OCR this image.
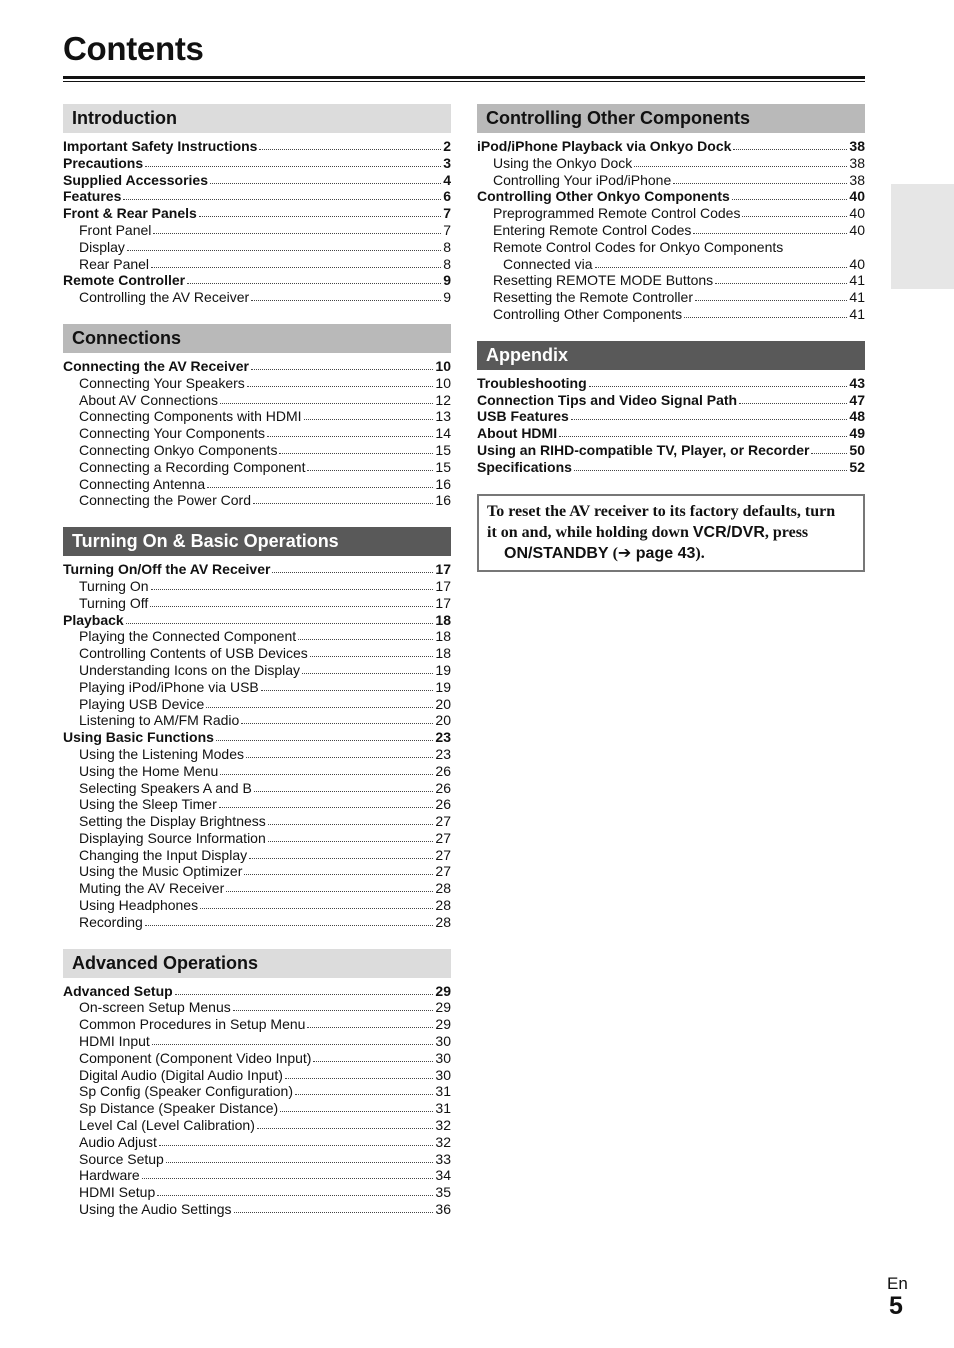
Contents
Introduction
Important Safety Instructions	2
Precautions	3
Supplied Accessories	4
Features	6
Front & Rear Panels	7
Front Panel	7
Display	8
Rear Panel	8
Remote Controller	9
Controlling the AV Receiver	9
Connections
Connecting the AV Receiver	10
Connecting Your Speakers	10
About AV Connections	12
Connecting Components with HDMI	13
Connecting Your Components	14
Connecting Onkyo Components	15
Connecting a Recording Component	15
Connecting Antenna	16
Connecting the Power Cord	16
Turning On & Basic Operations
Turning On/Off the AV Receiver	17
Turning On	17
Turning Off	17
Playback	18
Playing the Connected Component	18
Controlling Contents of USB Devices	18
Understanding Icons on the Display	19
Playing iPod/iPhone via USB	19
Playing USB Device	20
Listening to AM/FM Radio	20
Using Basic Functions	23
Using the Listening Modes	23
Using the Home Menu	26
Selecting Speakers A and B	26
Using the Sleep Timer	26
Setting the Display Brightness	27
Displaying Source Information	27
Changing the Input Display	27
Using the Music Optimizer	27
Muting the AV Receiver	28
Using Headphones	28
Recording	28
Advanced Operations
Advanced Setup	29
On-screen Setup Menus	29
Common Procedures in Setup Menu	29
HDMI Input	30
Component (Component Video Input)	30
Digital Audio (Digital Audio Input)	30
Sp Config (Speaker Configuration)	31
Sp Distance (Speaker Distance)	31
Level Cal (Level Calibration)	32
Audio Adjust	32
Source Setup	33
Hardware	34
HDMI Setup	35
Using the Audio Settings	36
Controlling Other Components
iPod/iPhone Playback via Onkyo Dock	38
Using the Onkyo Dock	38
Controlling Your iPod/iPhone	38
Controlling Other Onkyo Components	40
Preprogrammed Remote Control Codes	40
Entering Remote Control Codes	40
Remote Control Codes for Onkyo Components
Connected via	40
Resetting REMOTE MODE Buttons	41
Resetting the Remote Controller	41
Controlling Other Components	41
Appendix
Troubleshooting	43
Connection Tips and Video Signal Path	47
USB Features	48
About HDMI	49
Using an RIHD-compatible TV, Player, or Recorder	50
Specifications	52
To reset the AV receiver to its factory defaults, turn
it on and, while holding down VCR/DVR, press
ON/STANDBY (➔ page 43).
En
5
